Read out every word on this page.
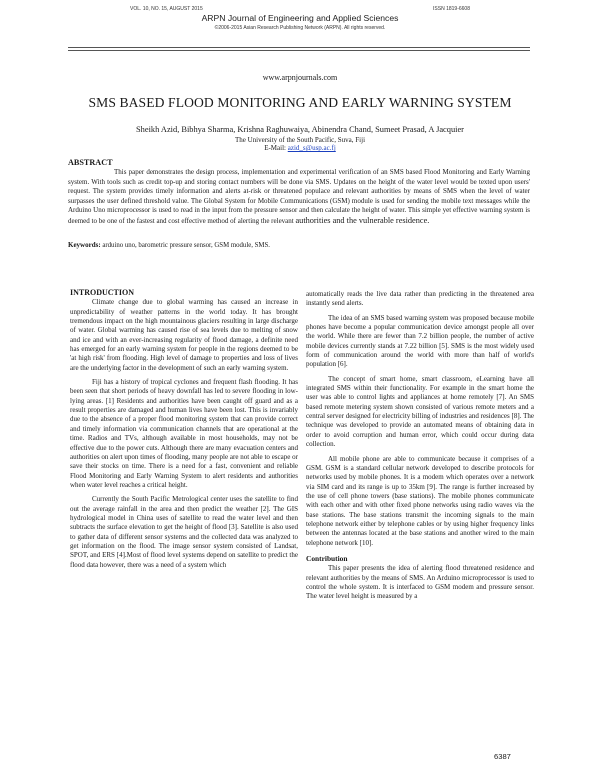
VOL. 10, NO. 15, AUGUST 2015	ISSN 1819-6608
ARPN Journal of Engineering and Applied Sciences
©2006-2015 Asian Research Publishing Network (ARPN). All rights reserved.
www.arpnjournals.com
SMS BASED FLOOD MONITORING AND EARLY WARNING SYSTEM
Sheikh Azid, Bibhya Sharma, Krishna Raghuwaiya, Abinendra Chand, Sumeet Prasad, A Jacquier
The University of the South Pacific, Suva, Fiji
E-Mail: azid_s@usp.ac.fj
ABSTRACT
This paper demonstrates the design process, implementation and experimental verification of an SMS based Flood Monitoring and Early Warning system. With tools such as credit top-up and storing contact numbers will be done via SMS. Updates on the height of the water level would be texted upon users' request. The system provides timely information and alerts at-risk or threatened populace and relevant authorities by means of SMS when the level of water surpasses the user defined threshold value. The Global System for Mobile Communications (GSM) module is used for sending the mobile text messages while the Arduino Uno microprocessor is used to read in the input from the pressure sensor and then calculate the height of water. This simple yet effective warning system is deemed to be one of the fastest and cost effective method of alerting the relevant authorities and the vulnerable residence.
Keywords: arduino uno, barometric pressure sensor, GSM module, SMS.
INTRODUCTION

Climate change due to global warming has caused an increase in unpredictability of weather patterns in the world today. It has brought tremendous impact on the high mountainous glaciers resulting in large discharge of water. Global warming has caused rise of sea levels due to melting of snow and ice and with an ever-increasing regularity of flood damage, a definite need has emerged for an early warning system for people in the regions deemed to be 'at high risk' from flooding. High level of damage to properties and loss of lives are the underlying factor in the development of such an early warning system.

Fiji has a history of tropical cyclones and frequent flash flooding. It has been seen that short periods of heavy downfall has led to severe flooding in low-lying areas. [1] Residents and authorities have been caught off guard and as a result properties are damaged and human lives have been lost. This is invariably due to the absence of a proper flood monitoring system that can provide correct and timely information via communication channels that are operational at the time. Radios and TVs, although available in most households, may not be effective due to the power cuts. Although there are many evacuation centers and authorities on alert upon times of flooding, many people are not able to escape or save their stocks on time. There is a need for a fast, convenient and reliable Flood Monitoring and Early Warning System to alert residents and authorities when water level reaches a critical height.

Currently the South Pacific Metrological center uses the satellite to find out the average rainfall in the area and then predict the weather [2]. The GIS hydrological model in China uses of satellite to read the water level and then subtracts the surface elevation to get the height of flood [3]. Satellite is also used to gather data of different sensor systems and the collected data was analyzed to get information on the flood. The image sensor system consisted of Landsat, SPOT, and ERS [4].Most of flood level systems depend on satellite to predict the flood data however, there was a need of a system which

automatically reads the live data rather than predicting in the threatened area instantly send alerts.

The idea of an SMS based warning system was proposed because mobile phones have become a popular communication device amongst people all over the world. While there are fewer than 7.2 billion people, the number of active mobile devices currently stands at 7.22 billion [5]. SMS is the most widely used form of communication around the world with more than half of world's population [6].

The concept of smart home, smart classroom, eLearning have all integrated SMS within their functionality. For example in the smart home the user was able to control lights and appliances at home remotely [7]. An SMS based remote metering system shown consisted of various remote meters and a central server designed for electricity billing of industries and residences [8]. The technique was developed to provide an automated means of obtaining data in order to avoid corruption and human error, which could occur during data collection.

All mobile phone are able to communicate because it comprises of a GSM. GSM is a standard cellular network developed to describe protocols for networks used by mobile phones. It is a modem which operates over a network via SIM card and its range is up to 35km [9]. The range is further increased by the use of cell phone towers (base stations). The mobile phones communicate with each other and with other fixed phone networks using radio waves via the base stations. The base stations transmit the incoming signals to the main telephone network either by telephone cables or by using higher frequency links between the antennas located at the base stations and another wired to the main telephone network [10].

Contribution

This paper presents the idea of alerting flood threatened residence and relevant authorities by the means of SMS. An Arduino microprocessor is used to control the whole system. It is interfaced to GSM modem and pressure sensor. The water level height is measured by a

6387
